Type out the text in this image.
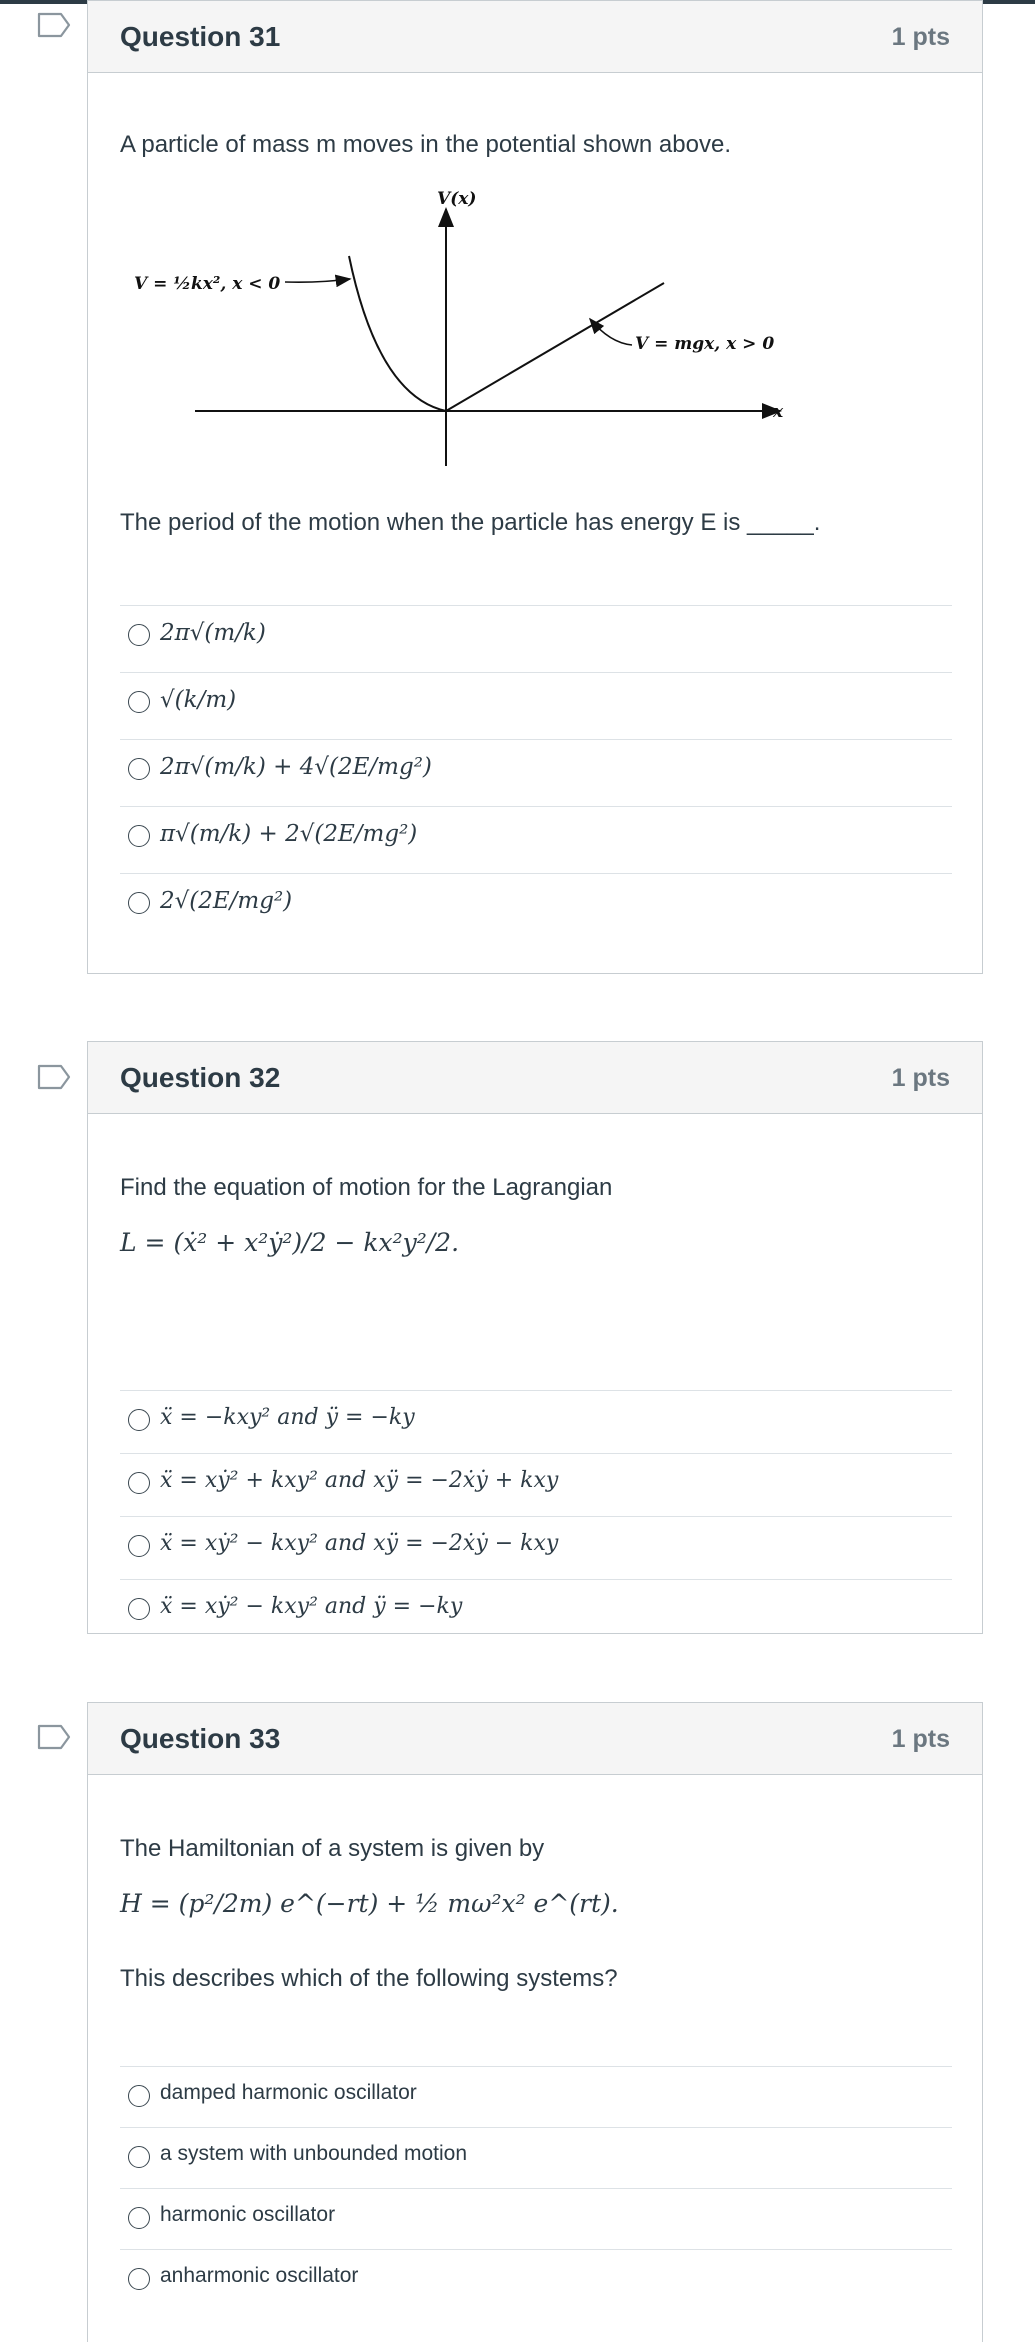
Question 31	1 pts
A particle of mass m moves in the potential shown above.
V(x)
x
V = ½kx², x < 0
V = mgx, x > 0
The period of the motion when the particle has energy E is _____.
2π√(m/k)
√(k/m)
2π√(m/k) + 4√(2E/mg²)
π√(m/k) + 2√(2E/mg²)
2√(2E/mg²)
Question 32	1 pts
Find the equation of motion for the Lagrangian
L = (ẋ² + x²ẏ²)/2 − kx²y²/2.
ẍ = −kxy² and ÿ = −ky
ẍ = xẏ² + kxy² and xÿ = −2ẋẏ + kxy
ẍ = xẏ² − kxy² and xÿ = −2ẋẏ − kxy
ẍ = xẏ² − kxy² and ÿ = −ky
Question 33	1 pts
The Hamiltonian of a system is given by
H = (p²/2m) e^(−rt) + ½ mω²x² e^(rt).
This describes which of the following systems?
damped harmonic oscillator
a system with unbounded motion
harmonic oscillator
anharmonic oscillator
